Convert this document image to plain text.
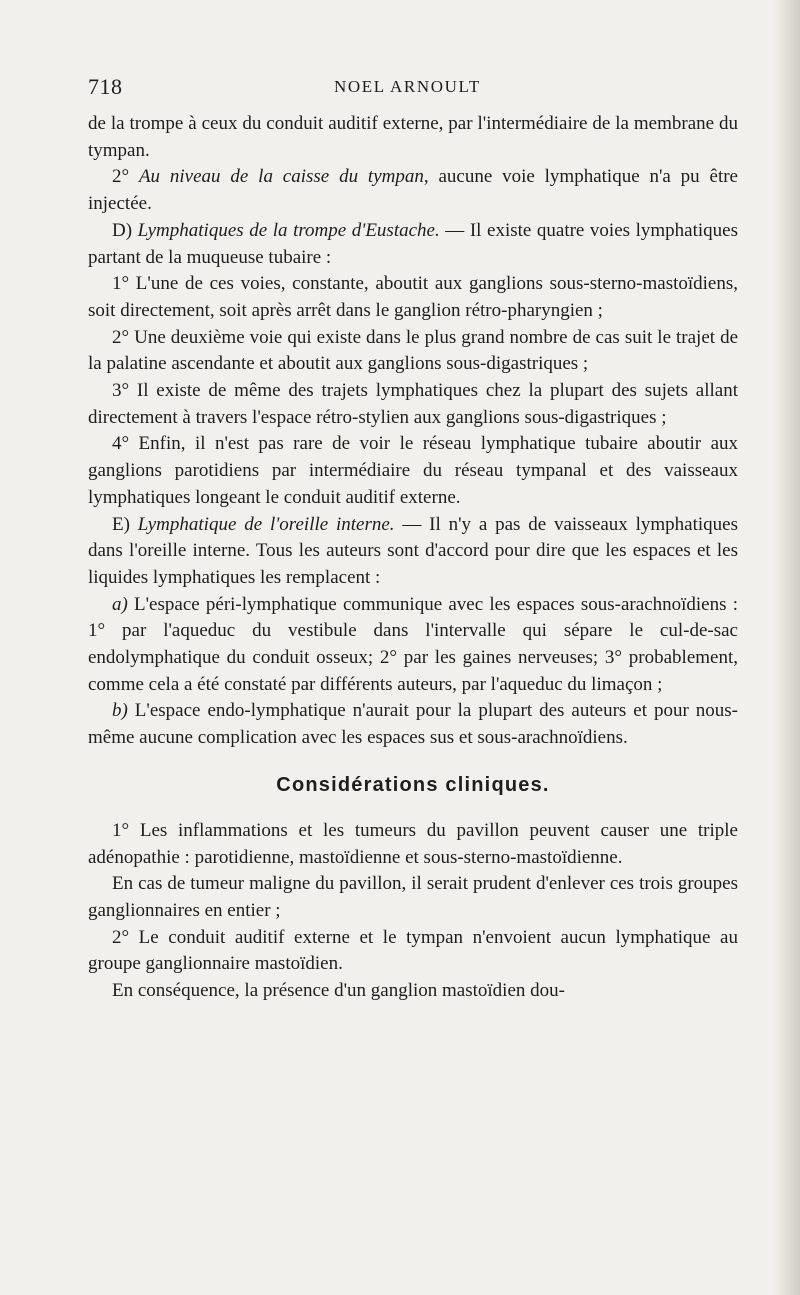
718	NOEL ARNOULT

de la trompe à ceux du conduit auditif externe, par l'intermédiaire de la membrane du tympan.

2° Au niveau de la caisse du tympan, aucune voie lymphatique n'a pu être injectée.

D) Lymphatiques de la trompe d'Eustache. — Il existe quatre voies lymphatiques partant de la muqueuse tubaire :

1° L'une de ces voies, constante, aboutit aux ganglions sous-sterno-mastoïdiens, soit directement, soit après arrêt dans le ganglion rétro-pharyngien ;

2° Une deuxième voie qui existe dans le plus grand nombre de cas suit le trajet de la palatine ascendante et aboutit aux ganglions sous-digastriques ;

3° Il existe de même des trajets lymphatiques chez la plupart des sujets allant directement à travers l'espace rétro-stylien aux ganglions sous-digastriques ;

4° Enfin, il n'est pas rare de voir le réseau lymphatique tubaire aboutir aux ganglions parotidiens par intermédiaire du réseau tympanal et des vaisseaux lymphatiques longeant le conduit auditif externe.

E) Lymphatique de l'oreille interne. — Il n'y a pas de vaisseaux lymphatiques dans l'oreille interne. Tous les auteurs sont d'accord pour dire que les espaces et les liquides lymphatiques les remplacent :

a) L'espace péri-lymphatique communique avec les espaces sous-arachnoïdiens : 1° par l'aqueduc du vestibule dans l'intervalle qui sépare le cul-de-sac endolymphatique du conduit osseux; 2° par les gaines nerveuses; 3° probablement, comme cela a été constaté par différents auteurs, par l'aqueduc du limaçon ;

b) L'espace endo-lymphatique n'aurait pour la plupart des auteurs et pour nous-même aucune complication avec les espaces sus et sous-arachnoïdiens.

Considérations cliniques.

1° Les inflammations et les tumeurs du pavillon peuvent causer une triple adénopathie : parotidienne, mastoïdienne et sous-sterno-mastoïdienne.

En cas de tumeur maligne du pavillon, il serait prudent d'enlever ces trois groupes ganglionnaires en entier ;

2° Le conduit auditif externe et le tympan n'envoient aucun lymphatique au groupe ganglionnaire mastoïdien.

En conséquence, la présence d'un ganglion mastoïdien dou-
